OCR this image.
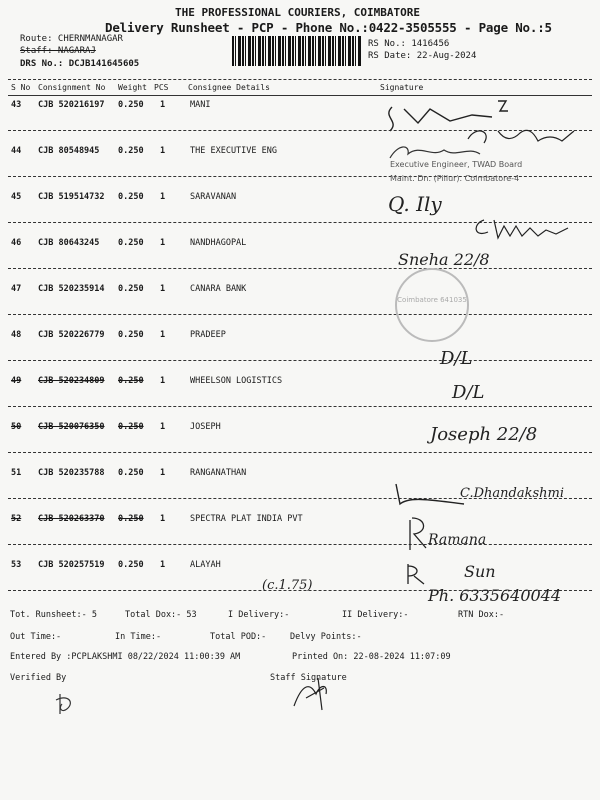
THE PROFESSIONAL COURIERS, COIMBATORE
Delivery Runsheet - PCP - Phone No.:0422-3505555 - Page No.:5
Route: CHERNMANAGAR
Staff: NAGARAJ
DRS No.: DCJB141645605
RS No.: 1416456
RS Date: 22-Aug-2024
S No Consignment No Weight PCS Consignee Details	Signature
43 CJB 520216197 0.250 1	MANI
44 CJB 80548945 0.250 1	THE EXECUTIVE ENG
45 CJB 519514732 0.250 1	SARAVANAN
46 CJB 80643245 0.250 1	NANDHAGOPAL
47 CJB 520235914 0.250 1	CANARA BANK
48 CJB 520226779 0.250 1	PRADEEP
49 CJB 520234809 0.250 1	WHEELSON LOGISTICS
50 CJB 520076350 0.250 1	JOSEPH
51 CJB 520235788 0.250 1	RANGANATHAN
52 CJB 520263370 0.250 1	SPECTRA PLAT INDIA PVT
53 CJB 520257519 0.250 1	ALAYAH
Executive Engineer, TWAD Board
Maint. Dn. (Pillur). Coimbatore-4
Q. Ily
Sneha 22/8
Coimbatore 641035
D/L
D/L
Joseph 22/8
C.Dhandakshmi
Ramana
(c.1.75)
Sun
Ph. 6335640044
Tot. Runsheet:- 5	Total Dox:- 53	I Delivery:-	II Delivery:-	RTN Dox:-
Out Time:-	In Time:-	Total POD:-	Delvy Points:-
Entered By :PCPLAKSHMI 08/22/2024 11:00:39 AM	Printed On: 22-08-2024 11:07:09
Verified By	Staff Signature
